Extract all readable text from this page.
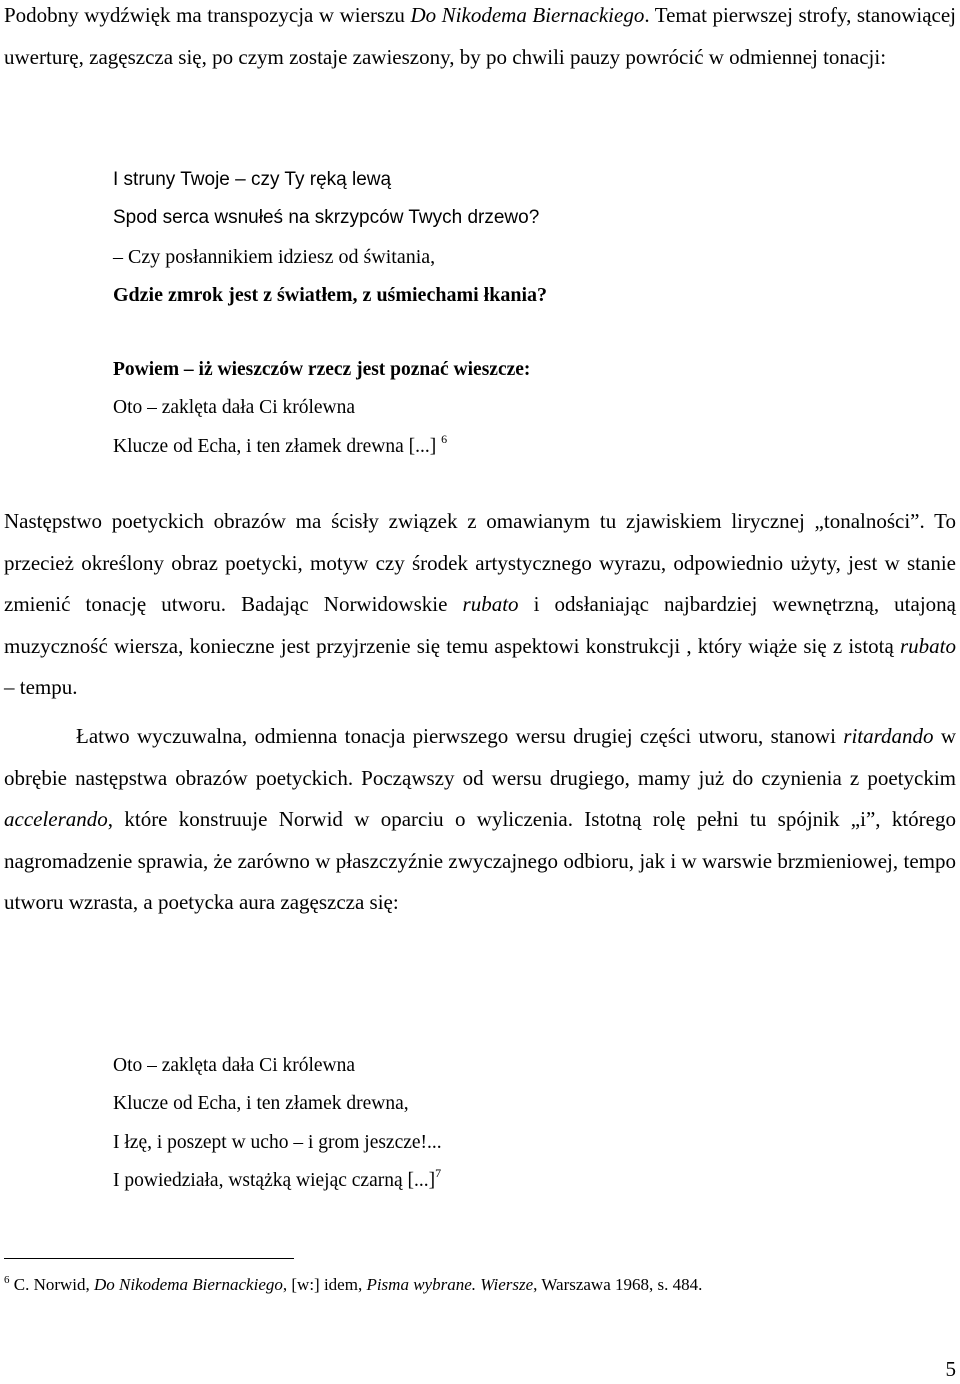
Podobny wydźwięk ma transpozycja w wierszu Do Nikodema Biernackiego. Temat pierwszej strofy, stanowiącej uwerturę, zagęszcza się, po czym zostaje zawieszony, by po chwili pauzy powrócić w odmiennej tonacji:

I struny Twoje – czy Ty ręką lewą
Spod serca wsnułeś na skrzypców Twych drzewo?
– Czy posłannikiem idziesz od świtania,
Gdzie zmrok jest z światłem, z uśmiechami łkania?
Powiem – iż wieszczów rzecz jest poznać wieszcze:
Oto – zaklęta dała Ci królewna
Klucze od Echa, i ten złamek drewna [...] $^6$

Następstwo poetyckich obrazów ma ścisły związek z omawianym tu zjawiskiem lirycznej „tonalności”. To przecież określony obraz poetycki, motyw czy środek artystycznego wyrazu, odpowiednio użyty, jest w stanie zmienić tonację utworu. Badając Norwidowskie rubato i odsłaniając najbardziej wewnętrzną, utajoną muzyczność wiersza, konieczne jest przyjrzenie się temu aspektowi konstrukcji , który wiąże się z istotą rubato – tempu.

Łatwo wyczuwalna, odmienna tonacja pierwszego wersu drugiej części utworu, stanowi ritardando w obrębie następstwa obrazów poetyckich. Począwszy od wersu drugiego, mamy już do czynienia z poetyckim accelerando, które konstruuje Norwid w oparciu o wyliczenia. Istotną rolę pełni tu spójnik „i”, którego nagromadzenie sprawia, że zarówno w płaszczyźnie zwyczajnego odbioru, jak i w warswie brzmieniowej, tempo utworu wzrasta, a poetycka aura zagęszcza się:

Oto – zaklęta dała Ci królewna
Klucze od Echa, i ten złamek drewna,
I łzę, i poszept w ucho – i grom jeszcze!...
I powiedziała, wstążką wiejąc czarną [...]$^7$

$^6$ C. Norwid, Do Nikodema Biernackiego, [w:] idem, Pisma wybrane. Wiersze, Warszawa 1968, s. 484.

5
